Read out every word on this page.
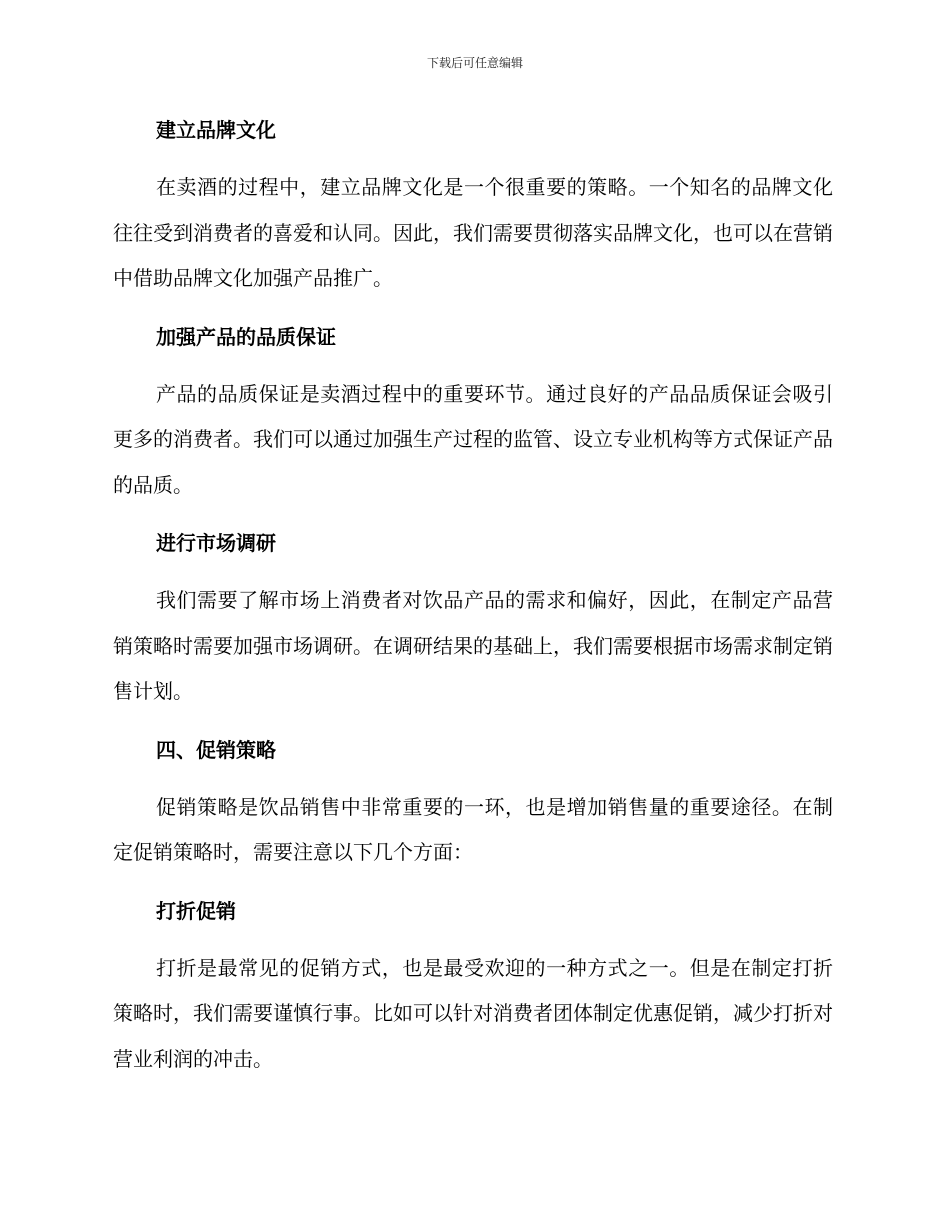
下载后可任意编辑
建立品牌文化

在卖酒的过程中，建立品牌文化是一个很重要的策略。一个知名的品牌文化往往受到消费者的喜爱和认同。因此，我们需要贯彻落实品牌文化，也可以在营销中借助品牌文化加强产品推广。

加强产品的品质保证

产品的品质保证是卖酒过程中的重要环节。通过良好的产品品质保证会吸引更多的消费者。我们可以通过加强生产过程的监管、设立专业机构等方式保证产品的品质。

进行市场调研

我们需要了解市场上消费者对饮品产品的需求和偏好，因此，在制定产品营销策略时需要加强市场调研。在调研结果的基础上，我们需要根据市场需求制定销售计划。

四、促销策略

促销策略是饮品销售中非常重要的一环，也是增加销售量的重要途径。在制定促销策略时，需要注意以下几个方面：

打折促销

打折是最常见的促销方式，也是最受欢迎的一种方式之一。但是在制定打折策略时，我们需要谨慎行事。比如可以针对消费者团体制定优惠促销，减少打折对营业利润的冲击。
